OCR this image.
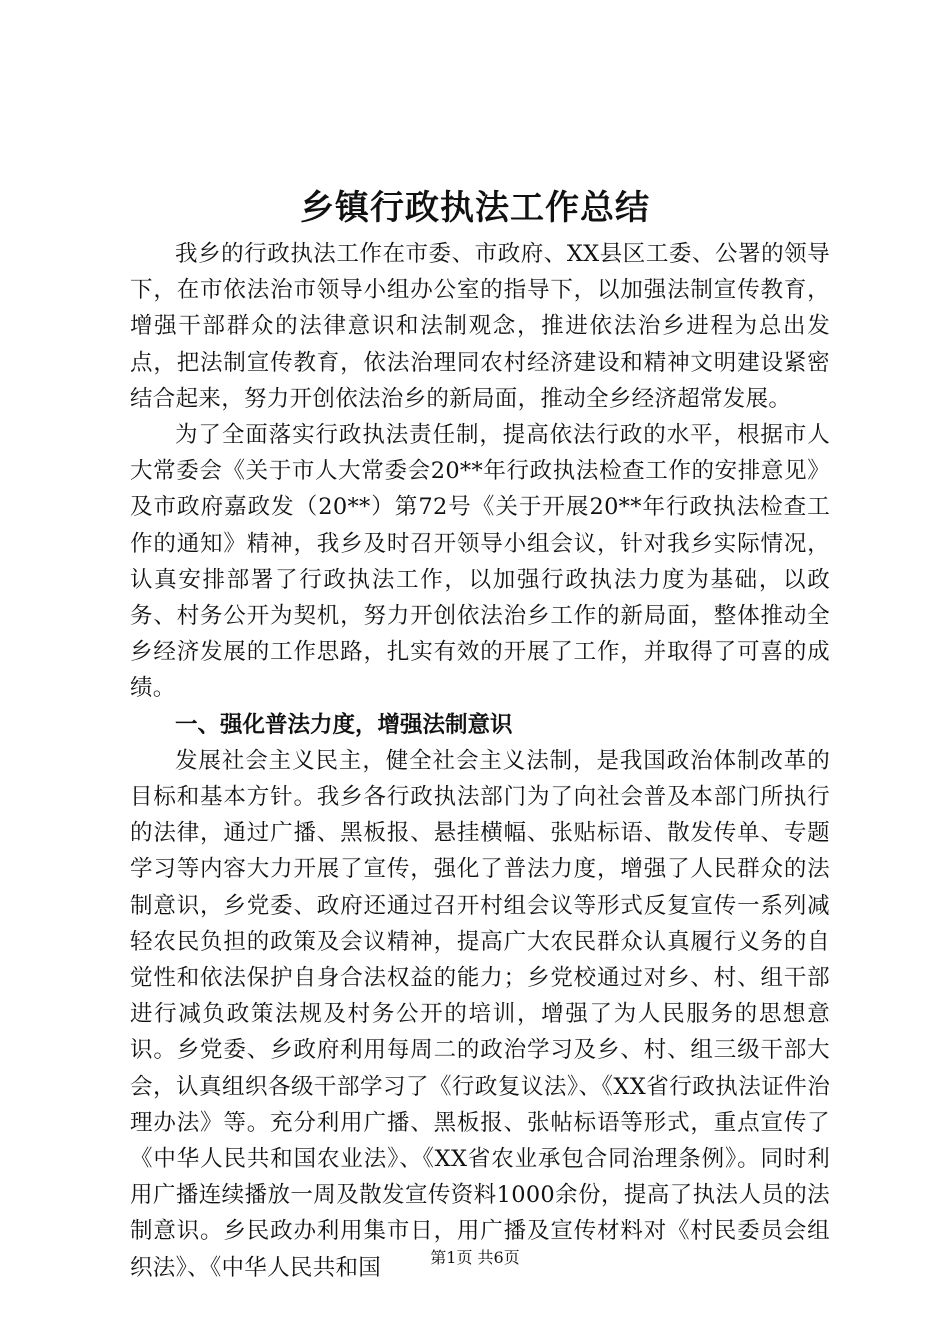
乡镇行政执法工作总结

我乡的行政执法工作在市委、市政府、XX县区工委、公署的领导下，在市依法治市领导小组办公室的指导下，以加强法制宣传教育，增强干部群众的法律意识和法制观念，推进依法治乡进程为总出发点，把法制宣传教育，依法治理同农村经济建设和精神文明建设紧密结合起来，努力开创依法治乡的新局面，推动全乡经济超常发展。

为了全面落实行政执法责任制，提高依法行政的水平，根据市人大常委会《关于市人大常委会20**年行政执法检查工作的安排意见》及市政府嘉政发（20**）第72号《关于开展20**年行政执法检查工作的通知》精神，我乡及时召开领导小组会议，针对我乡实际情况，认真安排部署了行政执法工作，以加强行政执法力度为基础，以政务、村务公开为契机，努力开创依法治乡工作的新局面，整体推动全乡经济发展的工作思路，扎实有效的开展了工作，并取得了可喜的成绩。

一、强化普法力度，增强法制意识

发展社会主义民主，健全社会主义法制，是我国政治体制改革的目标和基本方针。我乡各行政执法部门为了向社会普及本部门所执行的法律，通过广播、黑板报、悬挂横幅、张贴标语、散发传单、专题学习等内容大力开展了宣传，强化了普法力度，增强了人民群众的法制意识，乡党委、政府还通过召开村组会议等形式反复宣传一系列减轻农民负担的政策及会议精神，提高广大农民群众认真履行义务的自觉性和依法保护自身合法权益的能力；乡党校通过对乡、村、组干部进行减负政策法规及村务公开的培训，增强了为人民服务的思想意识。乡党委、乡政府利用每周二的政治学习及乡、村、组三级干部大会，认真组织各级干部学习了《行政复议法》、《XX省行政执法证件治理办法》等。充分利用广播、黑板报、张帖标语等形式，重点宣传了《中华人民共和国农业法》、《XX省农业承包合同治理条例》。同时利用广播连续播放一周及散发宣传资料1000余份，提高了执法人员的法制意识。乡民政办利用集市日，用广播及宣传材料对《村民委员会组织法》、《中华人民共和国	第1页 共6页
